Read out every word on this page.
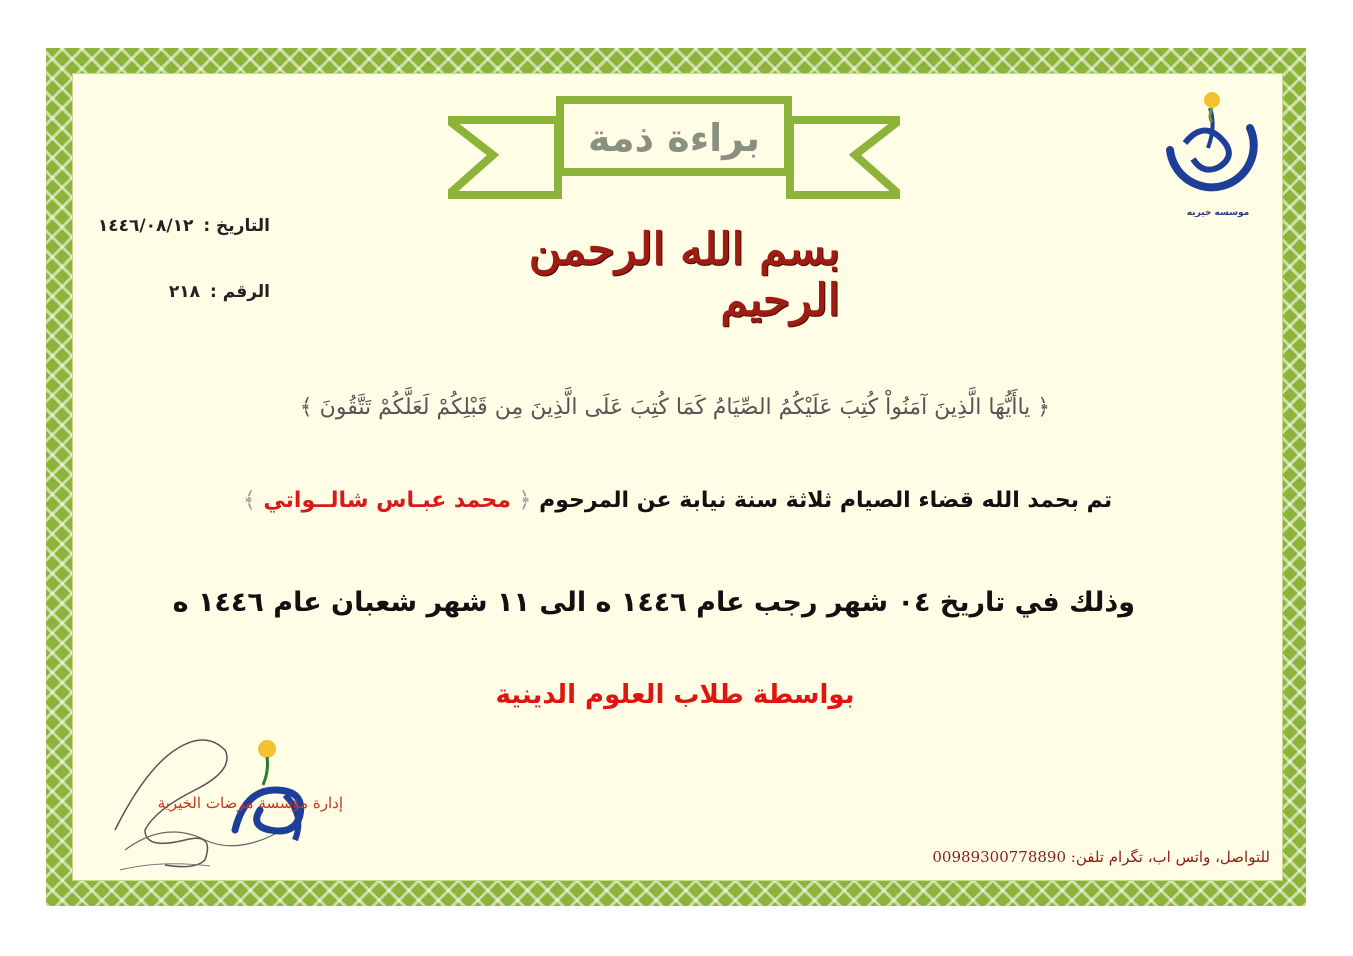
براءة ذمة
بسم الله الرحمن الرحيم
التاريخ :
١٤٤٦/٠٨/١٢
الرقم :
٢١٨
موسسه خیریه
﴿ ياأَيُّهَا الَّذِينَ آمَنُواْ كُتِبَ عَلَيْكُمُ الصِّيَامُ كَمَا كُتِبَ عَلَى الَّذِينَ مِن قَبْلِكُمْ لَعَلَّكُمْ تَتَّقُونَ ﴾
تم بحمد الله قضاء الصيام ثلاثة سنة نيابة عن المرحوم ﴿ محمد عبـاس شالــواتي ﴾
وذلك في تاريخ ٠٤ شهر رجب عام ١٤٤٦ ه الى ١١ شهر شعبان عام ١٤٤٦ ه
بواسطة طلاب العلوم الدينية
إدارة مؤسسة مرضات الخيرية
للتواصل، واتس اب، تگرام تلفن: 00989300778890
